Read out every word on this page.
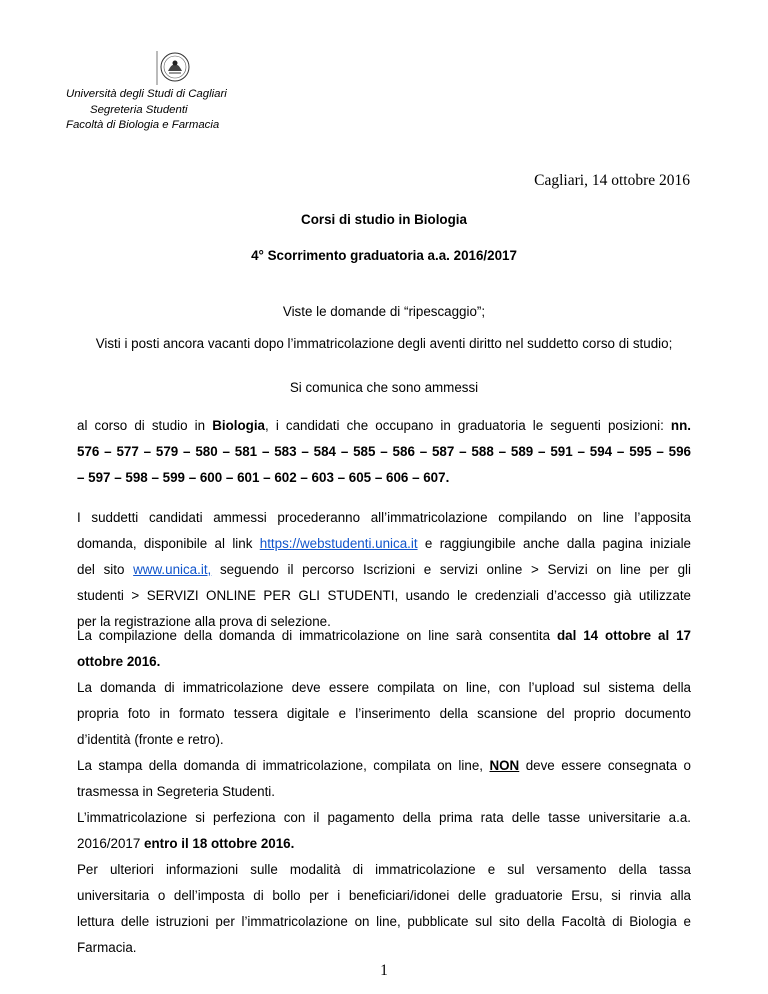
Università degli Studi di Cagliari
Segreteria Studenti
Facoltà di Biologia e Farmacia
Cagliari, 14 ottobre 2016
Corsi di studio in Biologia
4° Scorrimento graduatoria a.a. 2016/2017
Viste le domande di “ripescaggio”;
Visti i posti ancora vacanti dopo l’immatricolazione degli aventi diritto nel suddetto corso di studio;
Si comunica che sono ammessi
al corso di studio in Biologia, i candidati che occupano in graduatoria le seguenti posizioni: nn.
576 – 577 – 579 – 580 – 581 – 583 – 584 – 585 – 586 – 587 – 588 – 589 – 591 – 594 – 595 – 596
– 597 – 598 – 599 – 600 – 601 – 602 – 603 – 605 – 606 – 607.
I suddetti candidati ammessi procederanno all’immatricolazione compilando on line l’apposita
domanda, disponibile al link https://webstudenti.unica.it e raggiungibile anche dalla pagina iniziale
del sito www.unica.it, seguendo il percorso Iscrizioni e servizi online > Servizi on line per gli
studenti > SERVIZI ONLINE PER GLI STUDENTI, usando le credenziali d’accesso già utilizzate
per la registrazione alla prova di selezione.
La compilazione della domanda di immatricolazione on line sarà consentita dal 14 ottobre al 17
ottobre 2016.
La domanda di immatricolazione deve essere compilata on line, con l’upload sul sistema della
propria foto in formato tessera digitale e l’inserimento della scansione del proprio documento
d’identità (fronte e retro).
La stampa della domanda di immatricolazione, compilata on line, NON deve essere consegnata o
trasmessa in Segreteria Studenti.
L’immatricolazione si perfeziona con il pagamento della prima rata delle tasse universitarie a.a.
2016/2017 entro il 18 ottobre 2016.
Per ulteriori informazioni sulle modalità di immatricolazione e sul versamento della tassa
universitaria o dell’imposta di bollo per i beneficiari/idonei delle graduatorie Ersu, si rinvia alla
lettura delle istruzioni per l’immatricolazione on line, pubblicate sul sito della Facoltà di Biologia e
Farmacia.
1
